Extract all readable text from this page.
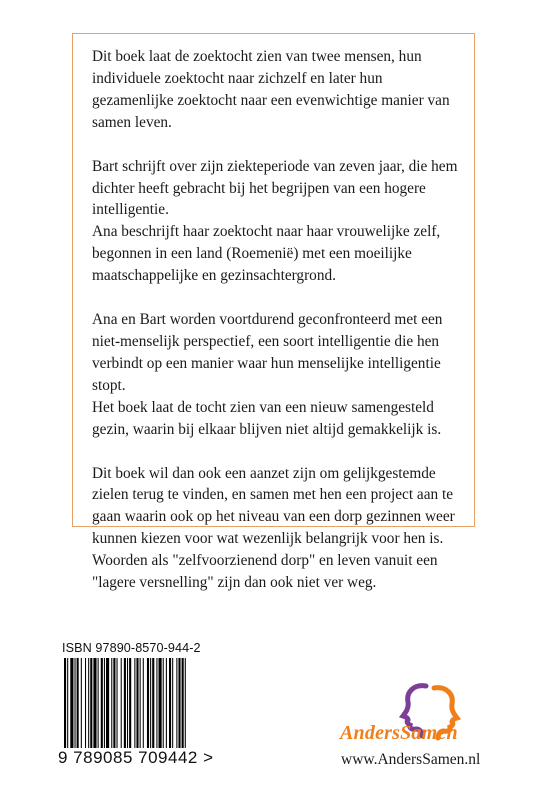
Dit boek laat de zoektocht zien van twee mensen, hun individuele zoektocht naar zichzelf en later hun gezamenlijke zoektocht naar een evenwichtige manier van samen leven.

Bart schrijft over zijn ziekteperiode van zeven jaar, die hem dichter heeft gebracht bij het begrijpen van een hogere intelligentie.

Ana beschrijft haar zoektocht naar haar vrouwelijke zelf, begonnen in een land (Roemenië) met een moeilijke maatschappelijke en gezinsachtergrond.

Ana en Bart worden voortdurend geconfronteerd met een niet-menselijk perspectief, een soort intelligentie die hen verbindt op een manier waar hun menselijke intelligentie stopt.

Het boek laat de tocht zien van een nieuw samengesteld gezin, waarin bij elkaar blijven niet altijd gemakkelijk is.

Dit boek wil dan ook een aanzet zijn om gelijkgestemde zielen terug te vinden, en samen met hen een project aan te gaan waarin ook op het niveau van een dorp gezinnen weer kunnen kiezen voor wat wezenlijk belangrijk voor hen is. Woorden als "zelfvoorzienend dorp" en leven vanuit een "lagere versnelling" zijn dan ook niet ver weg.

ISBN 97890-8570-944-2
9 789085 709442 >
AndersSamen
www.AndersSamen.nl
